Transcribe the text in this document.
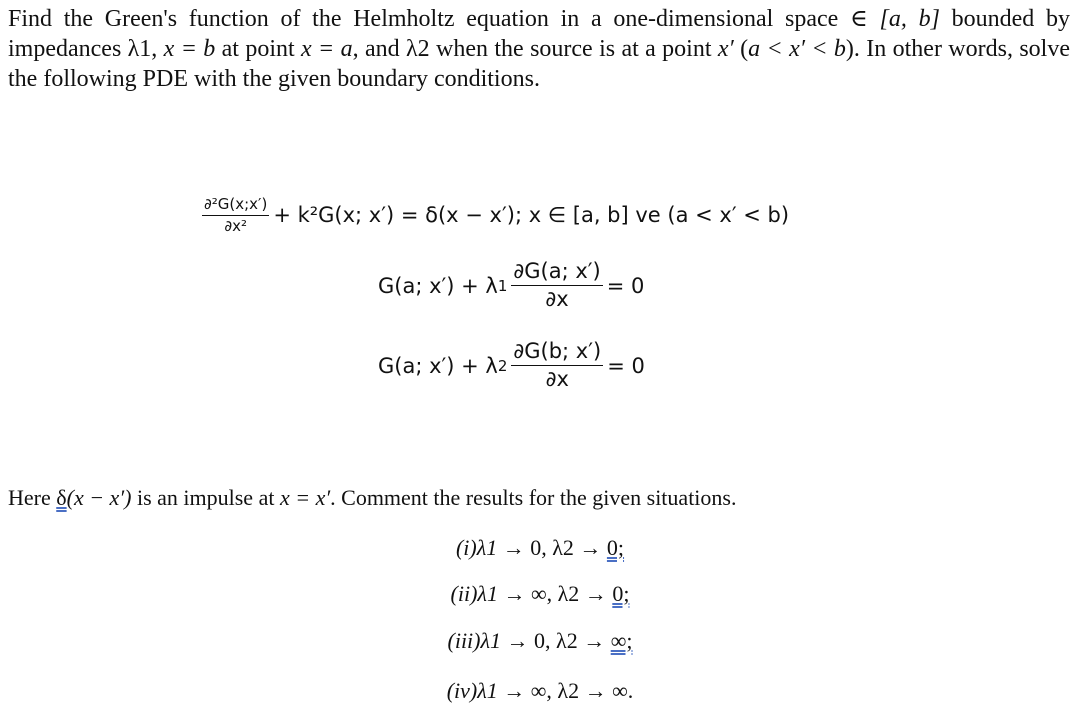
Find the Green's function of the Helmholtz equation in a one-dimensional space ∈ [a, b] bounded by impedances λ1, x = b at point x = a, and λ2 when the source is at a point x′ (a < x′ < b). In other words, solve the following PDE with the given boundary conditions.

$\frac{\text{∂²G(x;x′)}}{\text{∂x²}} + k^2G(x$; x′) = δ(x − x′); x ∈ [a, b] ve (a < x′ < b)
G(a; x′) + λ $1 \frac{\partial G(a; x')}{\partial x} = 0$
G(a; x′) + λ $2 \frac{\partial G(b; x')}{\partial x} = 0$
Here δ(x − x′) is an impulse at x = x′. Comment the results for the given situations.
(i)λ1 → 0, λ2 → 0;
(ii)λ1 → ∞, λ2 → 0;
(iii)λ1 → 0, λ2 → ∞;
(iv)λ1 → ∞, λ2 → ∞.
